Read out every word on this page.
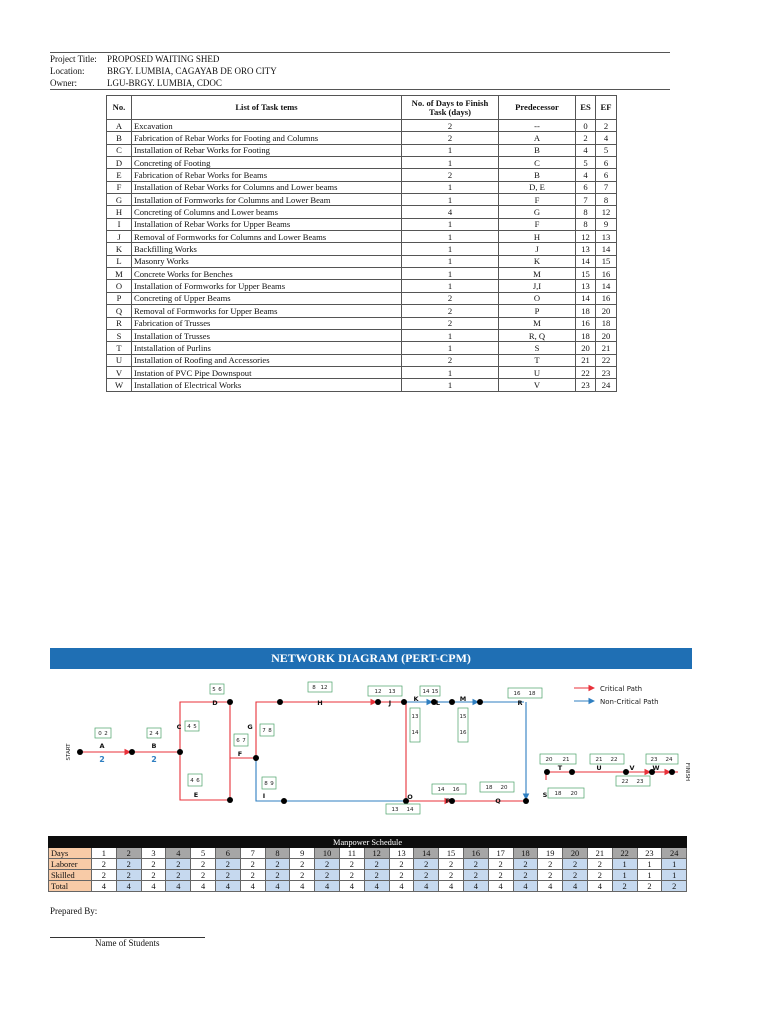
Project Title:	PROPOSED WAITING SHED
Location:	BRGY. LUMBIA, CAGAYAB DE ORO CITY
Owner:	LGU-BRGY. LUMBIA, CDOC
No.	List of Task tems	No. of Days to Finish Task (days)	Predecessor	ES	EF
A	Excavation	2	--	0	2
B	Fabrication of Rebar Works for Footing and Columns	2	A	2	4
C	Installation of Rebar Works for Footing	1	B	4	5
D	Concreting of Footing	1	C	5	6
E	Fabrication of Rebar Works for Beams	2	B	4	6
F	Installation of Rebar Works for Columns and Lower beams	1	D, E	6	7
G	Installation of Formworks for Columns and Lower Beam	1	F	7	8
H	Concreting of Columns and Lower beams	4	G	8	12
I	Installation of Rebar Works for Upper Beams	1	F	8	9
J	Removal of Formworks for Columns and Lower Beams	1	H	12	13
K	Backfilling Works	1	J	13	14
L	Masonry Works	1	K	14	15
M	Concrete Works for Benches	1	M	15	16
O	Installation of Formworks for Upper Beams	1	J,I	13	14
P	Concreting of Upper Beams	2	O	14	16
Q	Removal of Formworks for Upper Beams	2	P	18	20
R	Fabrication of Trusses	2	M	16	18
S	Installation of Trusses	1	R, Q	18	20
T	Intstallation of Purlins	1	S	20	21
U	Installation of Roofing and Accessories	2	T	21	22
V	Instation of PVC Pipe Downspout	1	U	22	23
W	Installation of Electrical Works	1	V	23	24
NETWORK DIAGRAM (PERT-CPM)
0 2	2 4
4 5
5 6
4 6
6 7
7 8
8 12
8 9
12 13
13
14
14 15
15
16
16 18
13 14
14 16	18 20
18 20
20 21	21 22
22 23
23 24
A	B
C
D
E
F
G
H
I
J	K	L	M	R
O	P	Q
S
T	U	V	W
2	2
START
FINISH
Critical Path
Non-Critical Path
Manpower Schedule																								
Days	1	2	3	4	5	6	7	8	9	10	11	12	13	14	15	16	17	18	19	20	21	22	23	24
Laborer	2	2	2	2	2	2	2	2	2	2	2	2	2	2	2	2	2	2	2	2	2	1	1	1
Skilled	2	2	2	2	2	2	2	2	2	2	2	2	2	2	2	2	2	2	2	2	2	1	1	1
Total	4	4	4	4	4	4	4	4	4	4	4	4	4	4	4	4	4	4	4	4	4	2	2	2
Prepared By:
Name of Students
